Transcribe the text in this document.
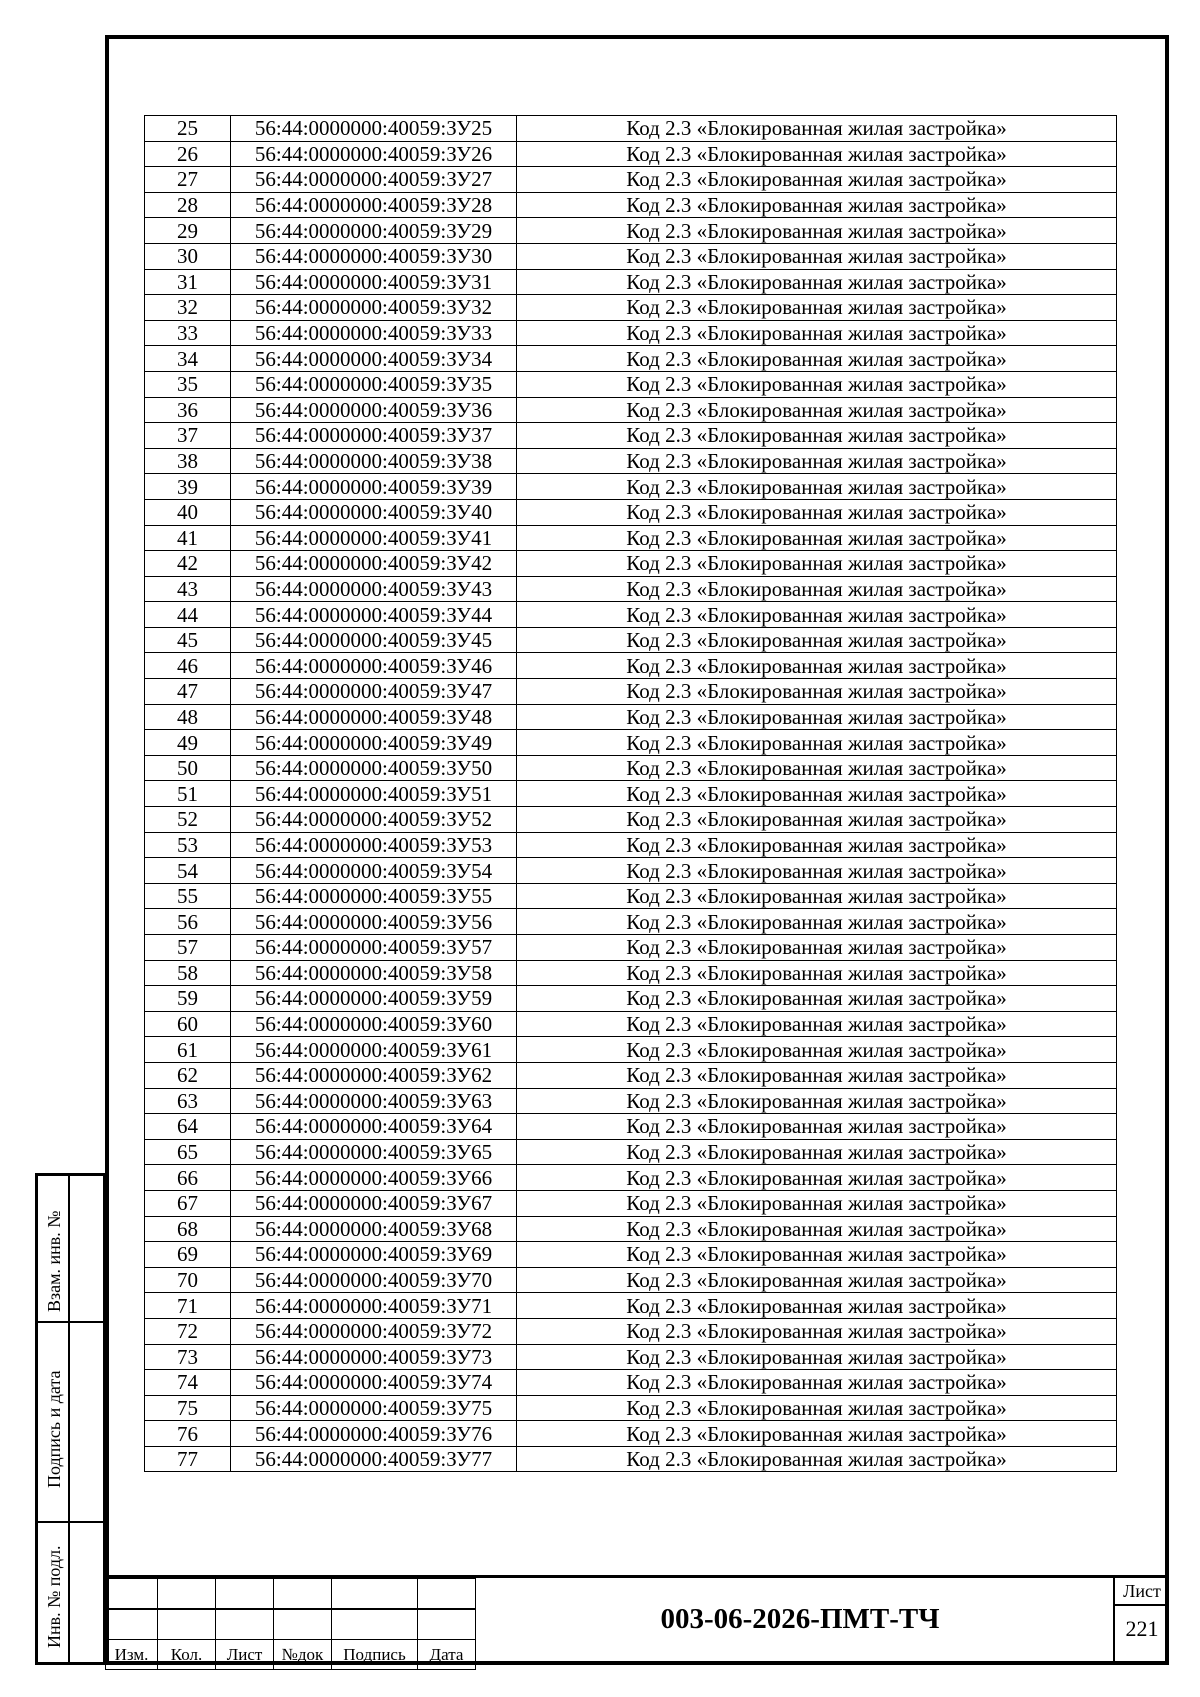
25	56:44:0000000:40059:ЗУ25	Код 2.3 «Блокированная жилая застройка»
26	56:44:0000000:40059:ЗУ26	Код 2.3 «Блокированная жилая застройка»
27	56:44:0000000:40059:ЗУ27	Код 2.3 «Блокированная жилая застройка»
28	56:44:0000000:40059:ЗУ28	Код 2.3 «Блокированная жилая застройка»
29	56:44:0000000:40059:ЗУ29	Код 2.3 «Блокированная жилая застройка»
30	56:44:0000000:40059:ЗУ30	Код 2.3 «Блокированная жилая застройка»
31	56:44:0000000:40059:ЗУ31	Код 2.3 «Блокированная жилая застройка»
32	56:44:0000000:40059:ЗУ32	Код 2.3 «Блокированная жилая застройка»
33	56:44:0000000:40059:ЗУ33	Код 2.3 «Блокированная жилая застройка»
34	56:44:0000000:40059:ЗУ34	Код 2.3 «Блокированная жилая застройка»
35	56:44:0000000:40059:ЗУ35	Код 2.3 «Блокированная жилая застройка»
36	56:44:0000000:40059:ЗУ36	Код 2.3 «Блокированная жилая застройка»
37	56:44:0000000:40059:ЗУ37	Код 2.3 «Блокированная жилая застройка»
38	56:44:0000000:40059:ЗУ38	Код 2.3 «Блокированная жилая застройка»
39	56:44:0000000:40059:ЗУ39	Код 2.3 «Блокированная жилая застройка»
40	56:44:0000000:40059:ЗУ40	Код 2.3 «Блокированная жилая застройка»
41	56:44:0000000:40059:ЗУ41	Код 2.3 «Блокированная жилая застройка»
42	56:44:0000000:40059:ЗУ42	Код 2.3 «Блокированная жилая застройка»
43	56:44:0000000:40059:ЗУ43	Код 2.3 «Блокированная жилая застройка»
44	56:44:0000000:40059:ЗУ44	Код 2.3 «Блокированная жилая застройка»
45	56:44:0000000:40059:ЗУ45	Код 2.3 «Блокированная жилая застройка»
46	56:44:0000000:40059:ЗУ46	Код 2.3 «Блокированная жилая застройка»
47	56:44:0000000:40059:ЗУ47	Код 2.3 «Блокированная жилая застройка»
48	56:44:0000000:40059:ЗУ48	Код 2.3 «Блокированная жилая застройка»
49	56:44:0000000:40059:ЗУ49	Код 2.3 «Блокированная жилая застройка»
50	56:44:0000000:40059:ЗУ50	Код 2.3 «Блокированная жилая застройка»
51	56:44:0000000:40059:ЗУ51	Код 2.3 «Блокированная жилая застройка»
52	56:44:0000000:40059:ЗУ52	Код 2.3 «Блокированная жилая застройка»
53	56:44:0000000:40059:ЗУ53	Код 2.3 «Блокированная жилая застройка»
54	56:44:0000000:40059:ЗУ54	Код 2.3 «Блокированная жилая застройка»
55	56:44:0000000:40059:ЗУ55	Код 2.3 «Блокированная жилая застройка»
56	56:44:0000000:40059:ЗУ56	Код 2.3 «Блокированная жилая застройка»
57	56:44:0000000:40059:ЗУ57	Код 2.3 «Блокированная жилая застройка»
58	56:44:0000000:40059:ЗУ58	Код 2.3 «Блокированная жилая застройка»
59	56:44:0000000:40059:ЗУ59	Код 2.3 «Блокированная жилая застройка»
60	56:44:0000000:40059:ЗУ60	Код 2.3 «Блокированная жилая застройка»
61	56:44:0000000:40059:ЗУ61	Код 2.3 «Блокированная жилая застройка»
62	56:44:0000000:40059:ЗУ62	Код 2.3 «Блокированная жилая застройка»
63	56:44:0000000:40059:ЗУ63	Код 2.3 «Блокированная жилая застройка»
64	56:44:0000000:40059:ЗУ64	Код 2.3 «Блокированная жилая застройка»
65	56:44:0000000:40059:ЗУ65	Код 2.3 «Блокированная жилая застройка»
66	56:44:0000000:40059:ЗУ66	Код 2.3 «Блокированная жилая застройка»
67	56:44:0000000:40059:ЗУ67	Код 2.3 «Блокированная жилая застройка»
68	56:44:0000000:40059:ЗУ68	Код 2.3 «Блокированная жилая застройка»
69	56:44:0000000:40059:ЗУ69	Код 2.3 «Блокированная жилая застройка»
70	56:44:0000000:40059:ЗУ70	Код 2.3 «Блокированная жилая застройка»
71	56:44:0000000:40059:ЗУ71	Код 2.3 «Блокированная жилая застройка»
72	56:44:0000000:40059:ЗУ72	Код 2.3 «Блокированная жилая застройка»
73	56:44:0000000:40059:ЗУ73	Код 2.3 «Блокированная жилая застройка»
74	56:44:0000000:40059:ЗУ74	Код 2.3 «Блокированная жилая застройка»
75	56:44:0000000:40059:ЗУ75	Код 2.3 «Блокированная жилая застройка»
76	56:44:0000000:40059:ЗУ76	Код 2.3 «Блокированная жилая застройка»
77	56:44:0000000:40059:ЗУ77	Код 2.3 «Блокированная жилая застройка»
Взам. инв. №
Подпись и дата
Инв. № подл.

Изм.	Кол.	Лист	№док	Подпись	Дата
003-06-2026-ПМТ-ТЧ
Лист
221
